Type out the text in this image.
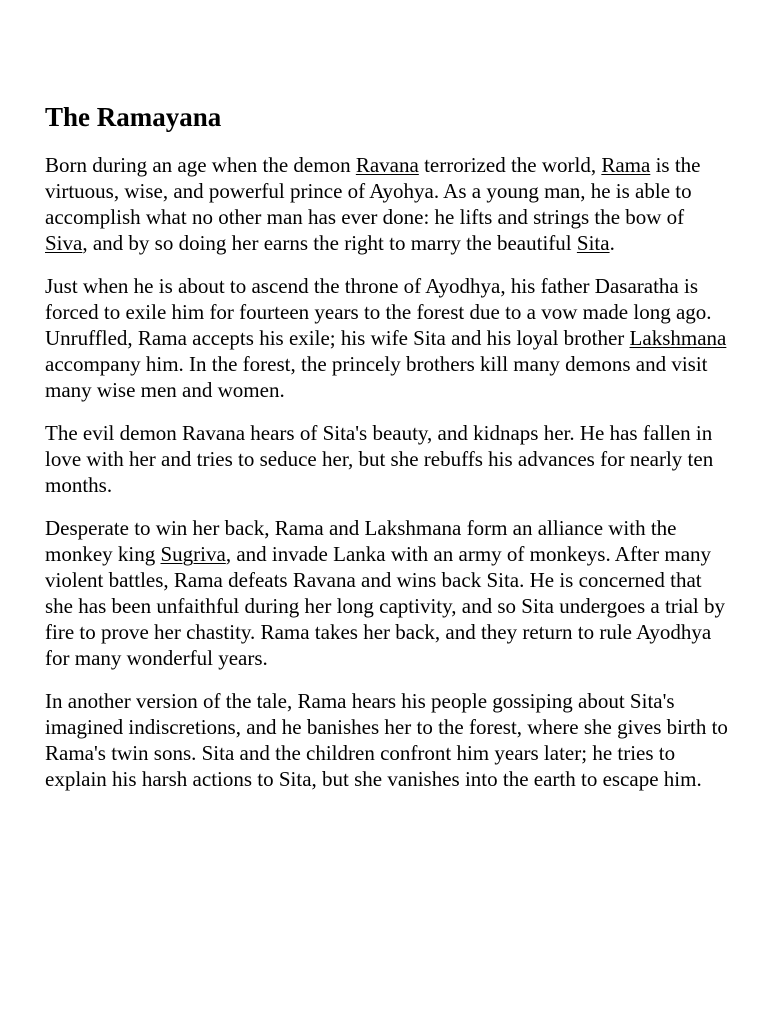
The Ramayana

Born during an age when the demon Ravana terrorized the world, Rama is the virtuous, wise, and powerful prince of Ayohya. As a young man, he is able to accomplish what no other man has ever done: he lifts and strings the bow of Siva, and by so doing her earns the right to marry the beautiful Sita.

Just when he is about to ascend the throne of Ayodhya, his father Dasaratha is forced to exile him for fourteen years to the forest due to a vow made long ago. Unruffled, Rama accepts his exile; his wife Sita and his loyal brother Lakshmana accompany him. In the forest, the princely brothers kill many demons and visit many wise men and women.

The evil demon Ravana hears of Sita's beauty, and kidnaps her. He has fallen in love with her and tries to seduce her, but she rebuffs his advances for nearly ten months.

Desperate to win her back, Rama and Lakshmana form an alliance with the monkey king Sugriva, and invade Lanka with an army of monkeys. After many violent battles, Rama defeats Ravana and wins back Sita. He is concerned that she has been unfaithful during her long captivity, and so Sita undergoes a trial by fire to prove her chastity. Rama takes her back, and they return to rule Ayodhya for many wonderful years.

In another version of the tale, Rama hears his people gossiping about Sita's imagined indiscretions, and he banishes her to the forest, where she gives birth to Rama's twin sons. Sita and the children confront him years later; he tries to explain his harsh actions to Sita, but she vanishes into the earth to escape him.
